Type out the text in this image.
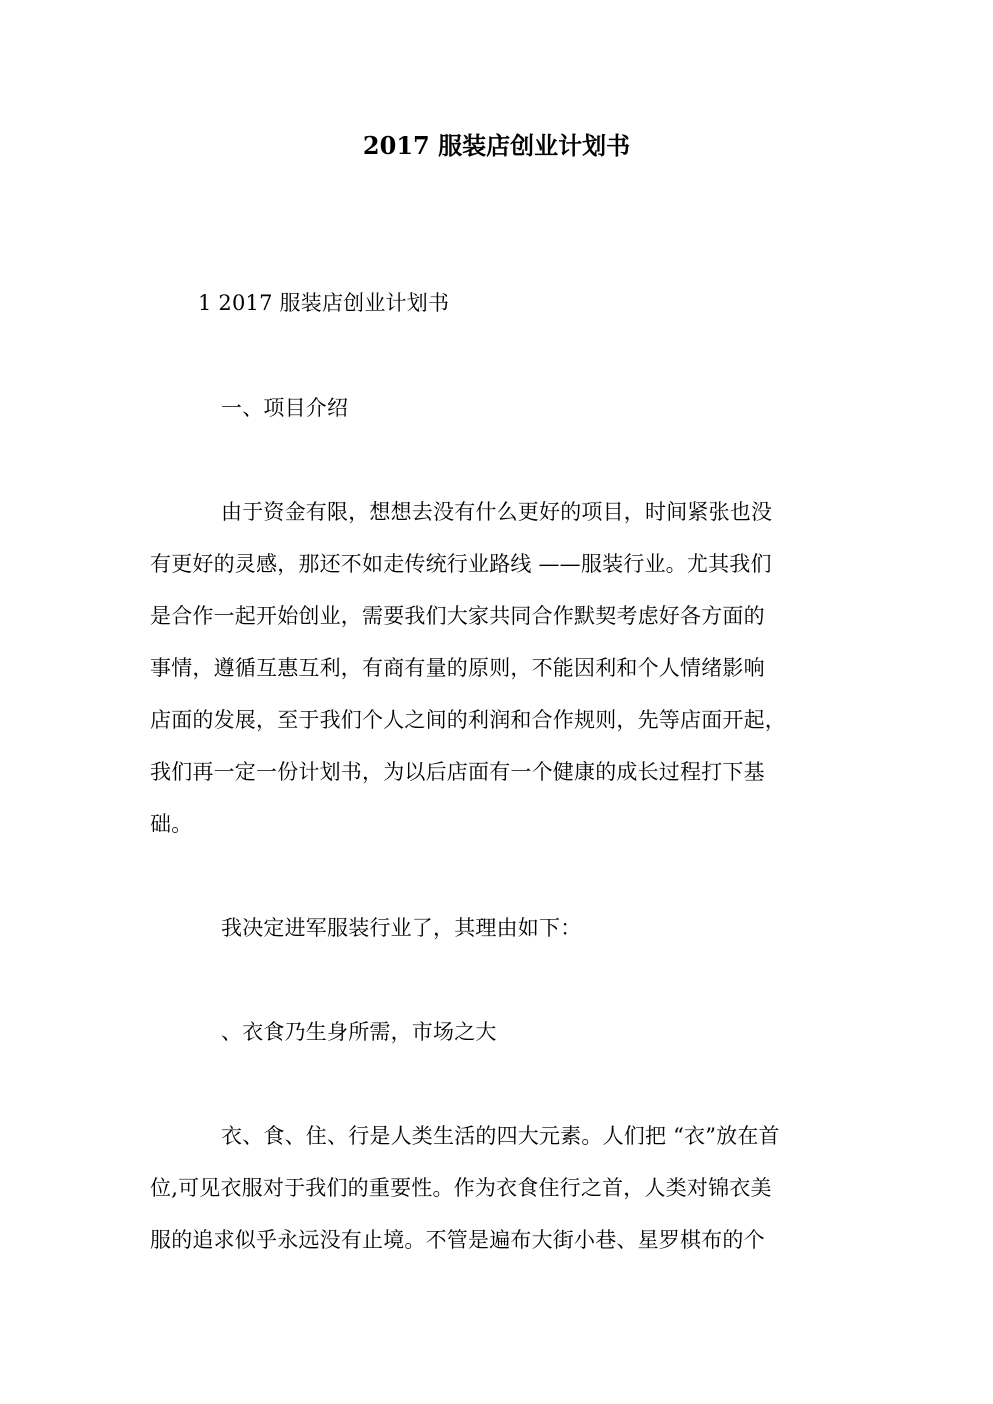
2017 服装店创业计划书
1 2017 服装店创业计划书
一、项目介绍
由于资金有限，想想去没有什么更好的项目，时间紧张也没
有更好的灵感，那还不如走传统行业路线 ——服装行业。尤其我们
是合作一起开始创业，需要我们大家共同合作默契考虑好各方面的
事情，遵循互惠互利，有商有量的原则，不能因利和个人情绪影响
店面的发展，至于我们个人之间的利润和合作规则，先等店面开起，
我们再一定一份计划书，为以后店面有一个健康的成长过程打下基
础。
我决定进军服装行业了，其理由如下：
、衣食乃生身所需，市场之大
衣、食、住、行是人类生活的四大元素。人们把 “衣”放在首
位,可见衣服对于我们的重要性。作为衣食住行之首，人类对锦衣美
服的追求似乎永远没有止境。不管是遍布大街小巷、星罗棋布的个
